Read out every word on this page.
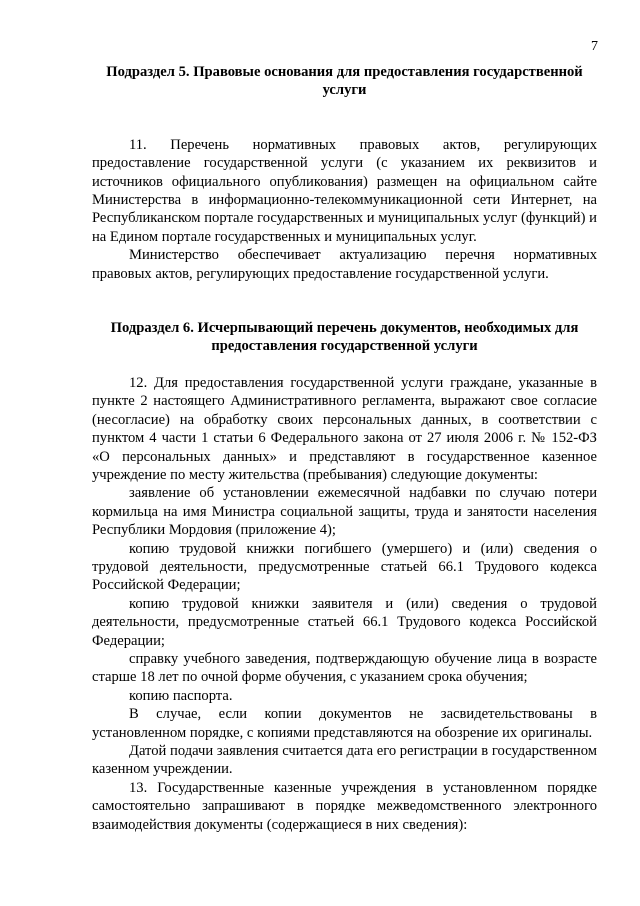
7

Подраздел 5. Правовые основания для предоставления государственной услуги

11. Перечень нормативных правовых актов, регулирующих предоставление государственной услуги (с указанием их реквизитов и источников официального опубликования) размещен на официальном сайте Министерства в информационно-телекоммуникационной сети Интернет, на Республиканском портале государственных и муниципальных услуг (функций) и на Едином портале государственных и муниципальных услуг.

Министерство обеспечивает актуализацию перечня нормативных правовых актов, регулирующих предоставление государственной услуги.

Подраздел 6. Исчерпывающий перечень документов, необходимых для предоставления государственной услуги

12. Для предоставления государственной услуги граждане, указанные в пункте 2 настоящего Административного регламента, выражают свое согласие (несогласие) на обработку своих персональных данных, в соответствии с пунктом 4 части 1 статьи 6 Федерального закона от 27 июля 2006 г. № 152-ФЗ «О персональных данных» и представляют в государственное казенное учреждение по месту жительства (пребывания) следующие документы:

заявление об установлении ежемесячной надбавки по случаю потери кормильца на имя Министра социальной защиты, труда и занятости населения Республики Мордовия (приложение 4);

копию трудовой книжки погибшего (умершего) и (или) сведения о трудовой деятельности, предусмотренные статьей 66.1 Трудового кодекса Российской Федерации;

копию трудовой книжки заявителя и (или) сведения о трудовой деятельности, предусмотренные статьей 66.1 Трудового кодекса Российской Федерации;

справку учебного заведения, подтверждающую обучение лица в возрасте старше 18 лет по очной форме обучения, с указанием срока обучения;

копию паспорта.

В случае, если копии документов не засвидетельствованы в установленном порядке, с копиями представляются на обозрение их оригиналы.

Датой подачи заявления считается дата его регистрации в государственном казенном учреждении.

13. Государственные казенные учреждения в установленном порядке самостоятельно запрашивают в порядке межведомственного электронного взаимодействия документы (содержащиеся в них сведения):
